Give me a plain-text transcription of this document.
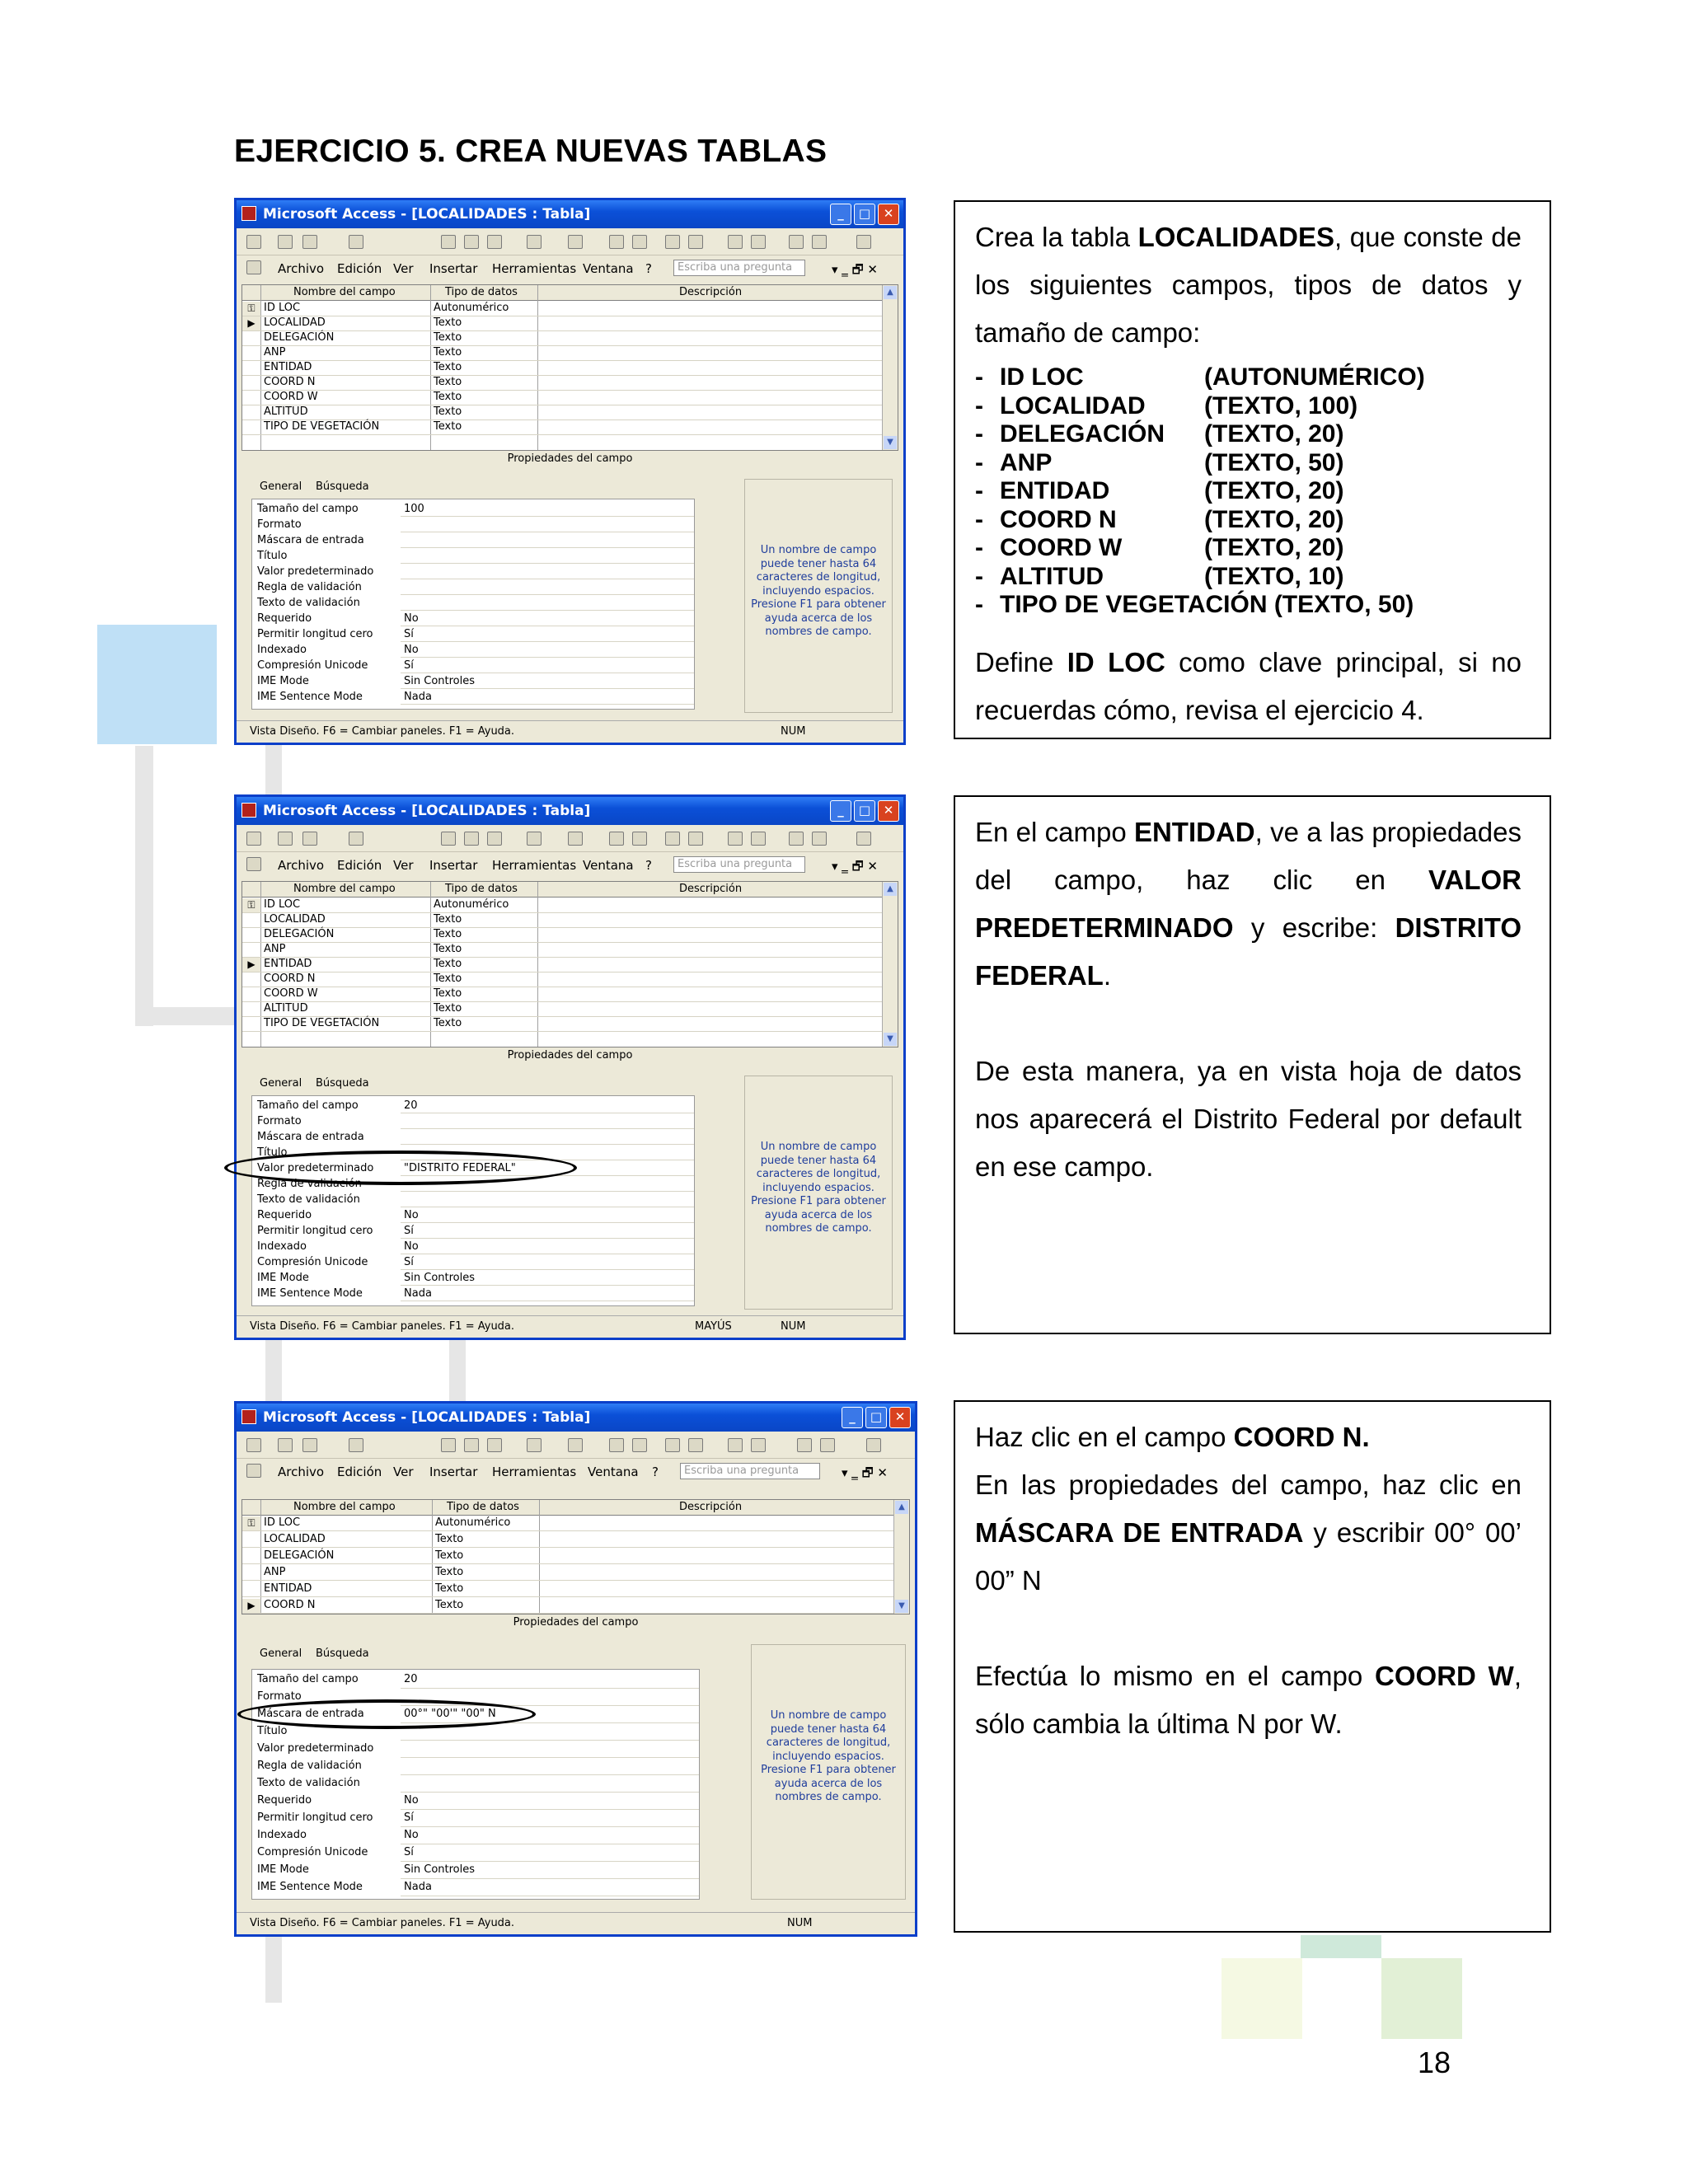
EJERCICIO 5. CREA NUEVAS TABLAS
Microsoft Access - [LOCALIDADES : Tabla]	_	□	✕
Archivo Edición Ver Insertar Herramientas Ventana ?	Escriba una pregunta	▾ ‗ 🗗 ✕
Nombre del campo	Tipo de datos	Descripción
⚿ ID LOC	Autonumérico
▶ LOCALIDAD	Texto
DELEGACIÓN	Texto
ANP	Texto
ENTIDAD	Texto
COORD N	Texto
COORD W	Texto
ALTITUD	Texto
TIPO DE VEGETACIÓN	Texto
▲
▼
Propiedades del campo
General Búsqueda
Tamaño del campo	100
Formato
Máscara de entrada
Título
Valor predeterminado
Regla de validación
Texto de validación
Requerido	No
Permitir longitud cero	Sí
Indexado	No
Compresión Unicode	Sí
IME Mode	Sin Controles
IME Sentence Mode	Nada
Un nombre de campo puede tener hasta 64 caracteres de longitud, incluyendo espacios. Presione F1 para obtener ayuda acerca de los nombres de campo.
Vista Diseño. F6 = Cambiar paneles. F1 = Ayuda.	NUM
Microsoft Access - [LOCALIDADES : Tabla]	_	□	✕
Archivo Edición Ver Insertar Herramientas Ventana ?	Escriba una pregunta	▾ ‗ 🗗 ✕
Nombre del campo	Tipo de datos	Descripción
⚿ ID LOC	Autonumérico
LOCALIDAD	Texto
DELEGACIÓN	Texto
ANP	Texto
▶ ENTIDAD	Texto
COORD N	Texto
COORD W	Texto
ALTITUD	Texto
TIPO DE VEGETACIÓN	Texto
▲
▼
Propiedades del campo
General Búsqueda
Tamaño del campo	20
Formato
Máscara de entrada
Título
Valor predeterminado	"DISTRITO FEDERAL"
Regla de validación
Texto de validación
Requerido	No
Permitir longitud cero	Sí
Indexado	No
Compresión Unicode	Sí
IME Mode	Sin Controles
IME Sentence Mode	Nada
Un nombre de campo puede tener hasta 64 caracteres de longitud, incluyendo espacios. Presione F1 para obtener ayuda acerca de los nombres de campo.
Vista Diseño. F6 = Cambiar paneles. F1 = Ayuda.	MAYÚS	NUM
Microsoft Access - [LOCALIDADES : Tabla]	_	□	✕
Archivo Edición Ver Insertar Herramientas Ventana ?	Escriba una pregunta	▾ ‗ 🗗 ✕
Nombre del campo	Tipo de datos	Descripción
⚿ ID LOC	Autonumérico
LOCALIDAD	Texto
DELEGACIÓN	Texto
ANP	Texto
ENTIDAD	Texto
▶ COORD N	Texto
▲
▼
Propiedades del campo
General Búsqueda
Tamaño del campo	20
Formato
Máscara de entrada	00°" "00'" "00" N
Título
Valor predeterminado
Regla de validación
Texto de validación
Requerido	No
Permitir longitud cero	Sí
Indexado	No
Compresión Unicode	Sí
IME Mode	Sin Controles
IME Sentence Mode	Nada
Un nombre de campo puede tener hasta 64 caracteres de longitud, incluyendo espacios. Presione F1 para obtener ayuda acerca de los nombres de campo.
Vista Diseño. F6 = Cambiar paneles. F1 = Ayuda.	NUM

Crea la tabla LOCALIDADES, que conste de los siguientes campos, tipos de datos y tamaño de campo:

- ID LOC	(AUTONUMÉRICO)
- LOCALIDAD	(TEXTO, 100)
- DELEGACIÓN	(TEXTO, 20)
- ANP	(TEXTO, 50)
- ENTIDAD	(TEXTO, 20)
- COORD N	(TEXTO, 20)
- COORD W	(TEXTO, 20)
- ALTITUD	(TEXTO, 10)
- TIPO DE VEGETACIÓN (TEXTO, 50)

Define ID LOC como clave principal, si no recuerdas cómo, revisa el ejercicio 4.

En el campo ENTIDAD, ve a las propiedades del campo, haz clic en VALOR PREDETERMINADO y escribe: DISTRITO FEDERAL.

De esta manera, ya en vista hoja de datos nos aparecerá el Distrito Federal por default en ese campo.

Haz clic en el campo COORD N.

En las propiedades del campo, haz clic en MÁSCARA DE ENTRADA y escribir 00° 00’ 00” N

Efectúa lo mismo en el campo COORD W, sólo cambia la última N por W.

18
